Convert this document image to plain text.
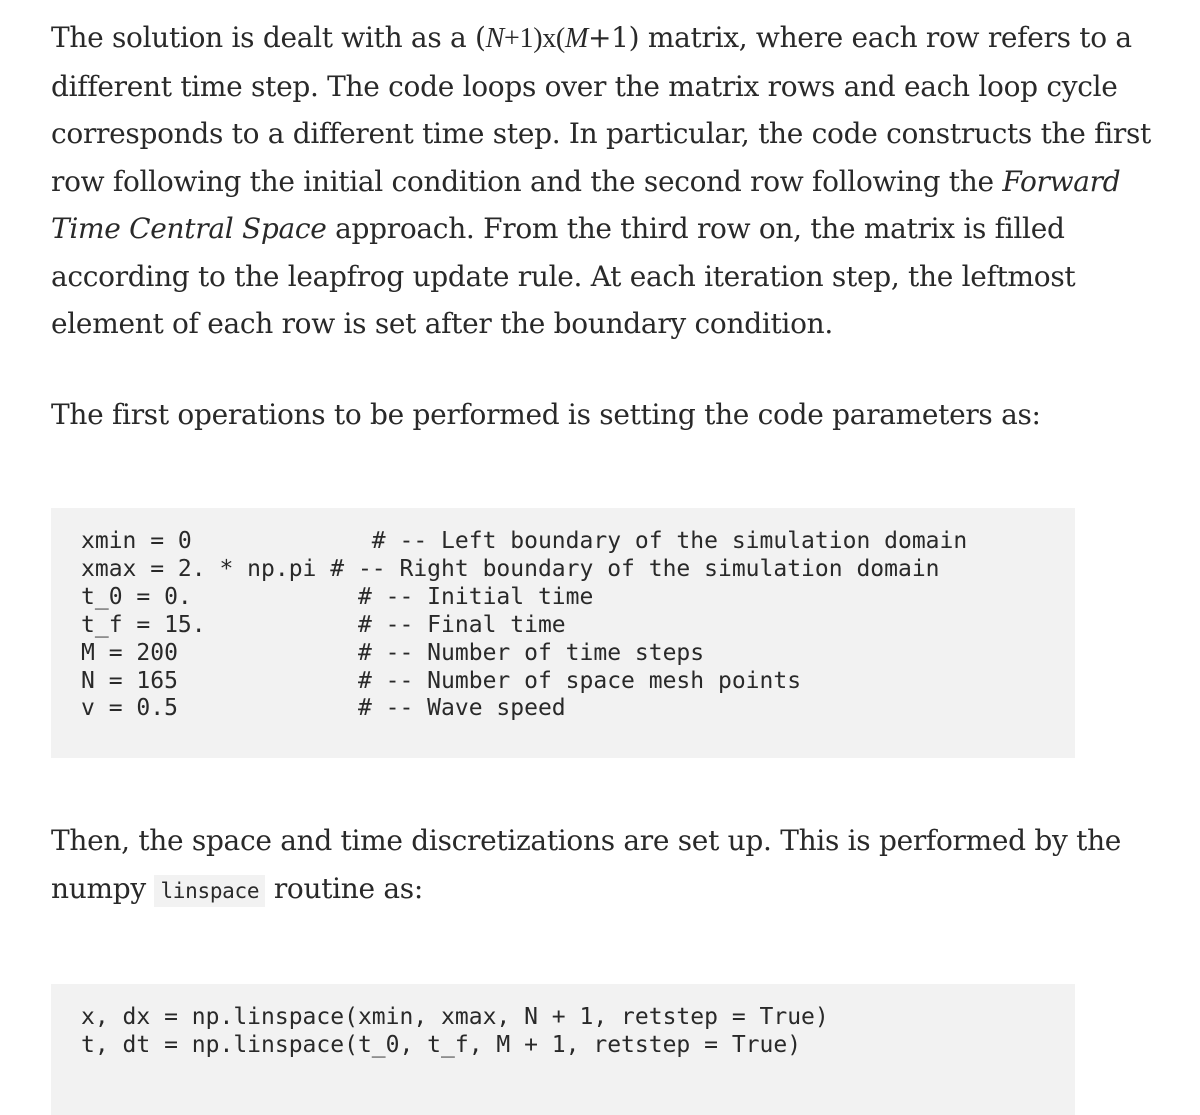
The solution is dealt with as a (N+1)x(M+1) matrix, where each row refers to a
different time step. The code loops over the matrix rows and each loop cycle
corresponds to a different time step. In particular, the code constructs the first
row following the initial condition and the second row following the Forward
Time Central Space approach. From the third row on, the matrix is filled
according to the leapfrog update rule. At each iteration step, the leftmost
element of each row is set after the boundary condition.

The first operations to be performed is setting the code parameters as:

xmin = 0             # -- Left boundary of the simulation domain
xmax = 2. * np.pi # -- Right boundary of the simulation domain
t_0 = 0.            # -- Initial time
t_f = 15.           # -- Final time
M = 200             # -- Number of time steps
N = 165             # -- Number of space mesh points
v = 0.5             # -- Wave speed

Then, the space and time discretizations are set up. This is performed by the
numpy linspace routine as:

x, dx = np.linspace(xmin, xmax, N + 1, retstep = True)
t, dt = np.linspace(t_0, t_f, M + 1, retstep = True)
